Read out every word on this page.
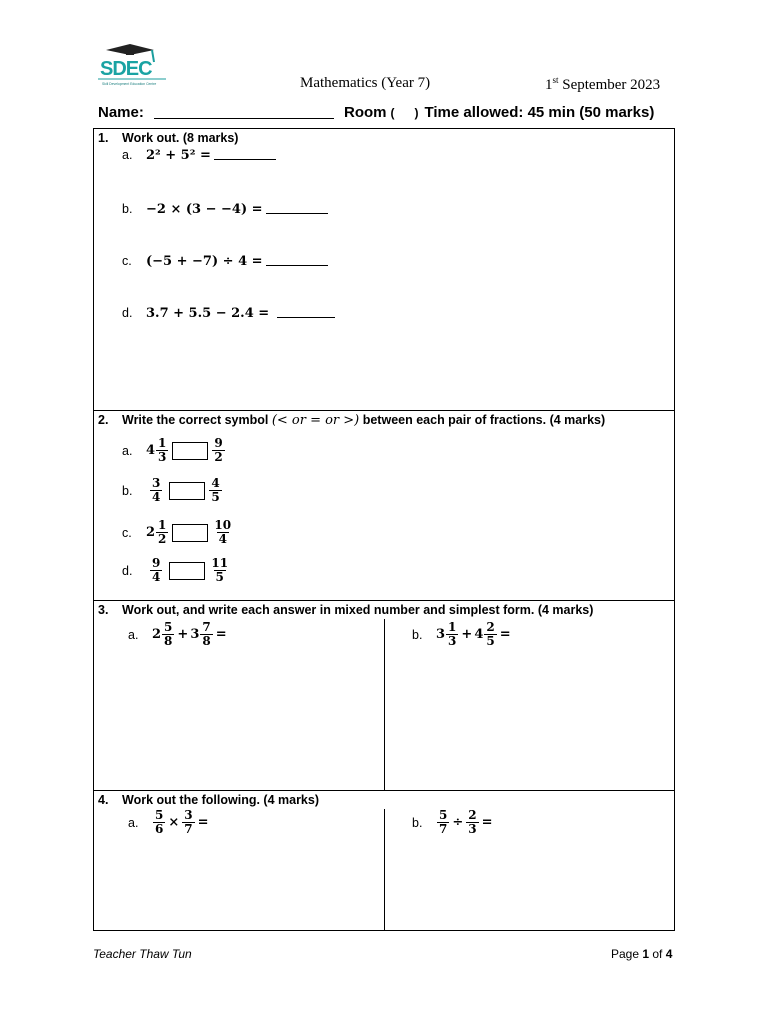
SDEC
Skill Development Education Centre	Mathematics (Year 7)	1st September 2023
Name:	Room (      ) Time allowed: 45 min (50 marks)
1. Work out. (8 marks)
a. 2² + 5² =
b. −2 × (3 − −4) =
c. (−5 + −7) ÷ 4 =
d. 3.7 + 5.5 − 2.4 =
2. Write the correct symbol (< or = or >) between each pair of fractions. (4 marks)
a. $4 \frac{1}{3}$	$\frac{9}{2}$
b. $\frac{3}{4}$	$\frac{4}{5}$
c. $2 \frac{1}{2}$	$\frac{10}{4}$
d. $\frac{9}{4}$	$\frac{11}{5}$
3. Work out, and write each answer in mixed number and simplest form. (4 marks)
a. $2 \frac{5}{8} + 3 \frac{7}{8}$ =	b. $3 \frac{1}{3} + 4 \frac{2}{5}$ =
4. Work out the following. (4 marks)
a. $\frac{5}{6} \times \frac{3}{7}$ =	b. $\frac{5}{7} \div \frac{2}{3}$ =
Teacher Thaw Tun	Page 1 of 4
